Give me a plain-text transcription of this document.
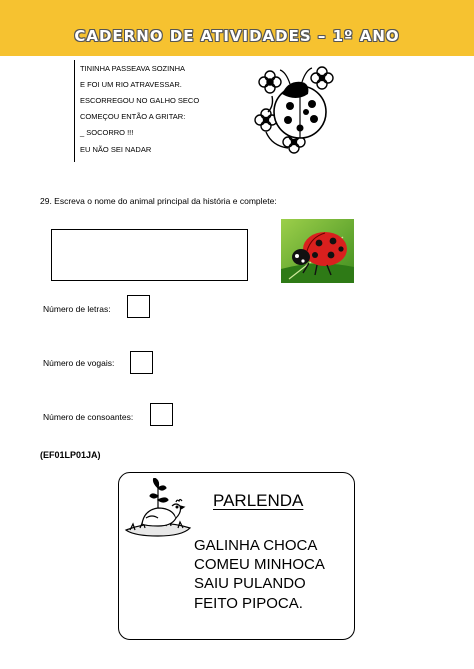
CADERNO DE ATIVIDADES – 1º ANO
TININHA PASSEAVA SOZINHA
E FOI UM RIO ATRAVESSAR.
ESCORREGOU NO GALHO SECO
COMEÇOU ENTÃO A GRITAR:
_ SOCORRO !!!
EU NÃO SEI NADAR
29. Escreva o nome do animal principal da história e complete:
Número de letras:
Número de vogais:
Número de consoantes:
(EF01LP01JA)
PARLENDA
GALINHA CHOCA
COMEU MINHOCA
SAIU PULANDO
FEITO PIPOCA.
